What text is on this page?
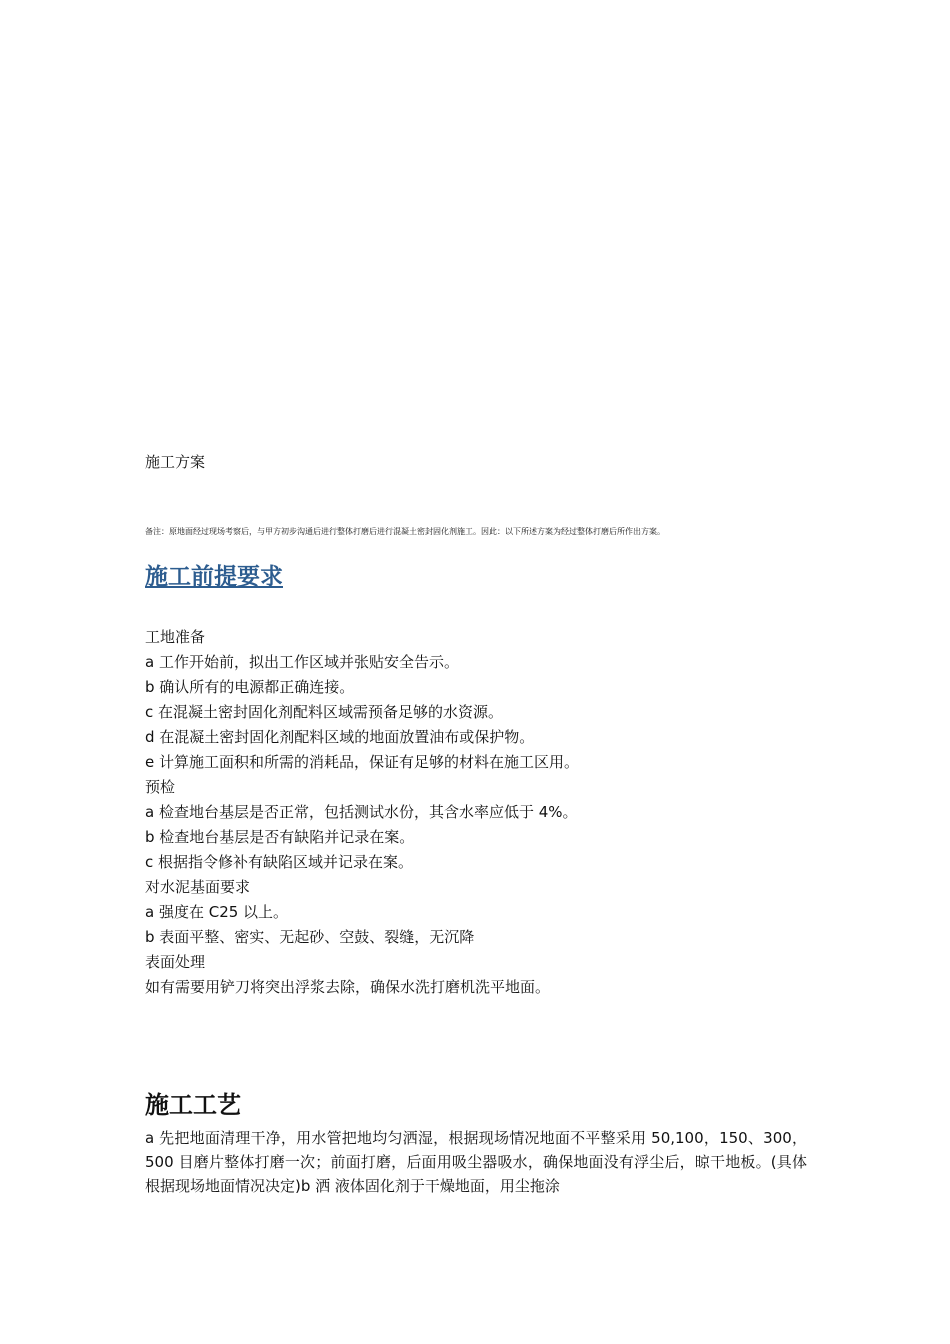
施工方案

备注：原地面经过现场考察后，与甲方初步沟通后进行整体打磨后进行混凝土密封固化剂施工。因此：以下所述方案为经过整体打磨后所作出方案。

施工前提要求
工地准备
a 工作开始前，拟出工作区域并张贴安全告示。
b 确认所有的电源都正确连接。
c 在混凝土密封固化剂配料区域需预备足够的水资源。
d 在混凝土密封固化剂配料区域的地面放置油布或保护物。
e 计算施工面积和所需的消耗品，保证有足够的材料在施工区用。
预检
a 检查地台基层是否正常，包括测试水份，其含水率应低于 4%。
b 检查地台基层是否有缺陷并记录在案。
c 根据指令修补有缺陷区域并记录在案。
对水泥基面要求
a 强度在 C25 以上。
b 表面平整、密实、无起砂、空鼓、裂缝，无沉降
表面处理
如有需要用铲刀将突出浮浆去除，确保水洗打磨机洗平地面。
施工工艺

a 先把地面清理干净，用水管把地均匀洒湿，根据现场情况地面不平整采用 50,100，150、300，500 目磨片整体打磨一次；前面打磨，后面用吸尘器吸水，确保地面没有浮尘后，晾干地板。(具体根据现场地面情况决定)b 洒 液体固化剂于干燥地面，用尘拖涂
